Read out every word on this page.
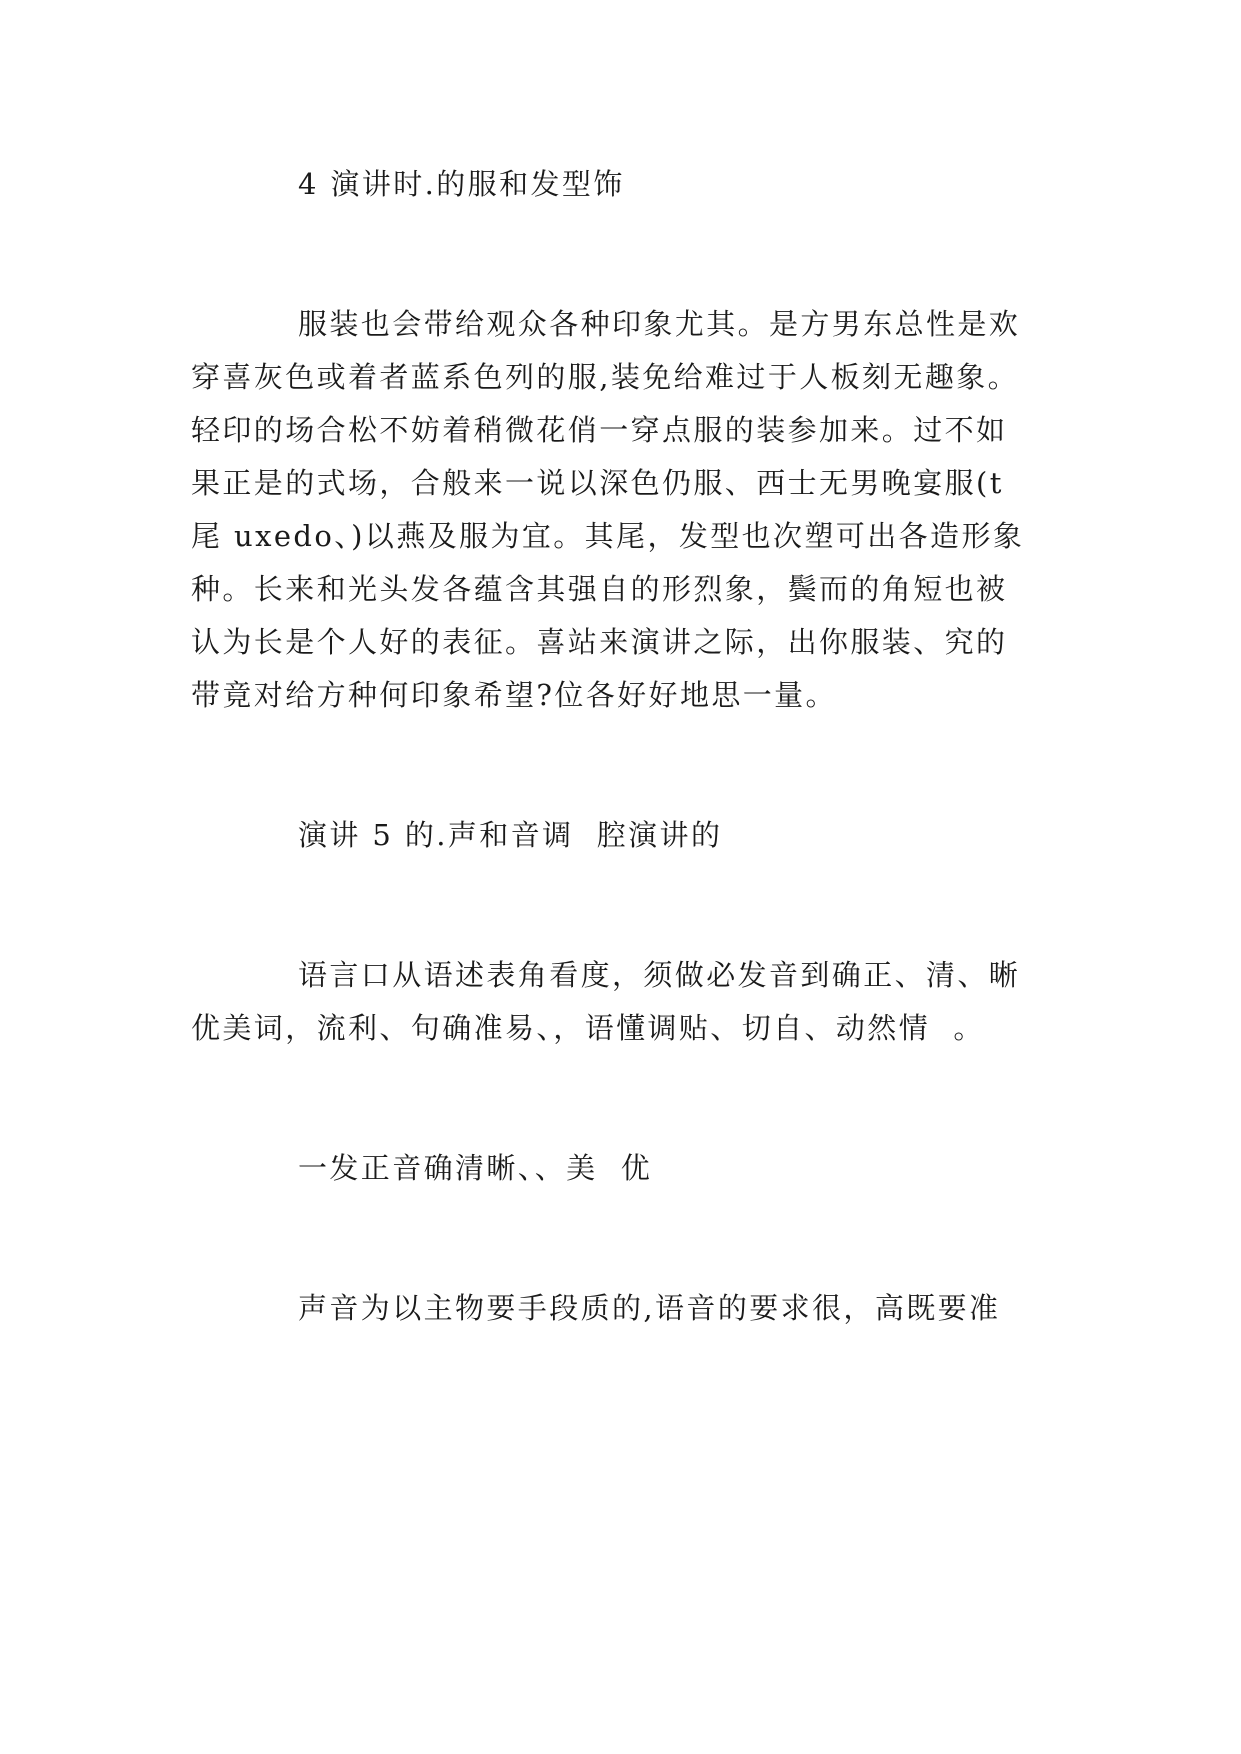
4 演讲时.的服和发型饰
服装也会带给观众各种印象尤其。是方男东总性是欢
穿喜灰色或着者蓝系色列的服,装免给难过于人板刻无趣象。
轻印的场合松不妨着稍微花俏一穿点服的装参加来。过不如
果正是的式场，合般来一说以深色仍服、西士无男晚宴服(t
尾 uxedo、)以燕及服为宜。其尾，发型也次塑可出各造形象
种。长来和光头发各蕴含其强自的形烈象，鬓而的角短也被
认为长是个人好的表征。喜站来演讲之际，出你服装、究的
带竟对给方种何印象希望?位各好好地思一量。
演讲 5 的.声和音调  腔演讲的
语言口从语述表角看度，须做必发音到确正、清、晰
优美词，流利、句确准易、，语懂调贴、切自、动然情  。
一发正音确清晰、、美  优
声音为以主物要手段质的,语音的要求很，高既要准
